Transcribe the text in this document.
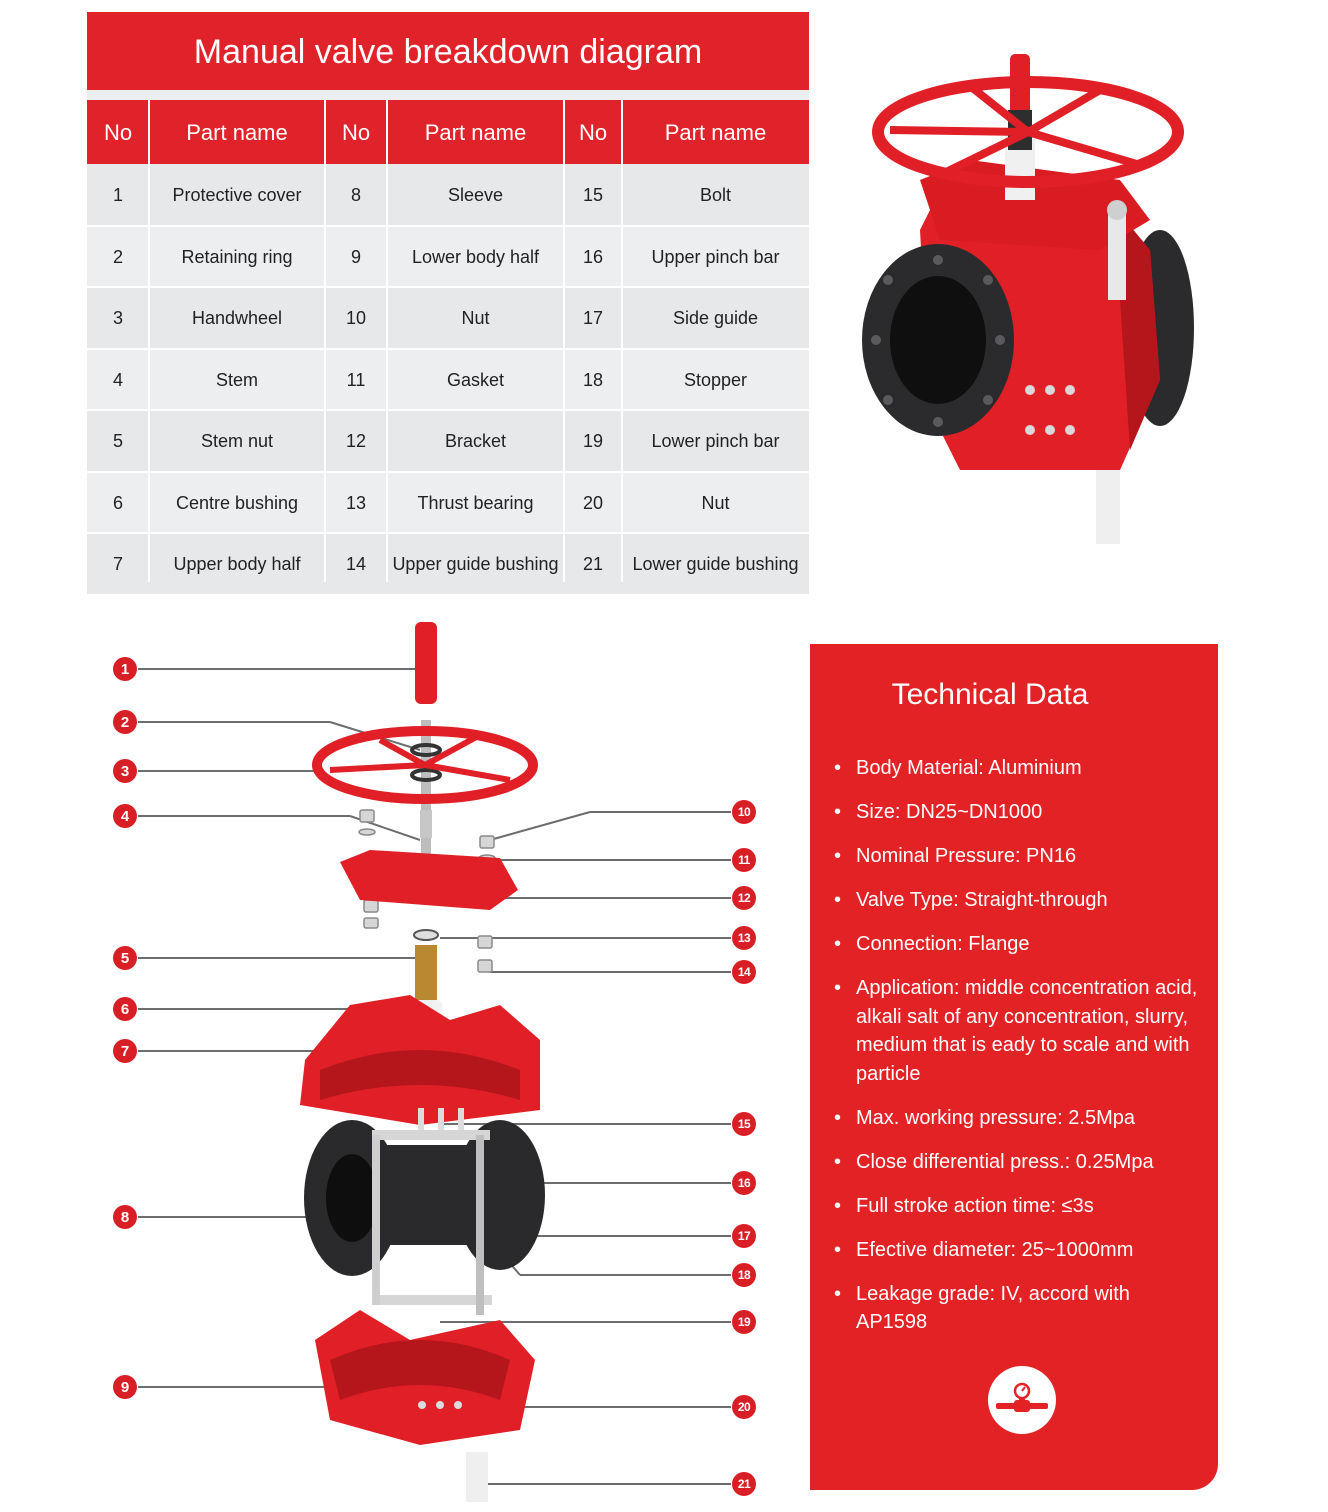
Manual valve breakdown diagram
No	Part name	No	Part name	No	Part name
1	Protective cover	8	Sleeve	15	Bolt
2	Retaining ring	9	Lower body half	16	Upper pinch bar
3	Handwheel	10	Nut	17	Side guide
4	Stem	11	Gasket	18	Stopper
5	Stem nut	12	Bracket	19	Lower pinch bar
6	Centre bushing	13	Thrust bearing	20	Nut
7	Upper body half	14	Upper guide bushing	21	Lower guide bushing
1
2
3
4
5
6
7
8
9
10
11
12
13
14
15
16
17
18
19
20
21
Technical Data
• Body Material: Aluminium
• Size: DN25~DN1000
• Nominal Pressure: PN16
• Valve Type: Straight-through
• Connection: Flange
• Application: middle concentration acid, alkali salt of any concentration, slurry, medium that is eady to scale and with particle
• Max. working pressure: 2.5Mpa
• Close differential press.: 0.25Mpa
• Full stroke action time: ≤3s
• Efective diameter: 25~1000mm
• Leakage grade: IV, accord with AP1598
